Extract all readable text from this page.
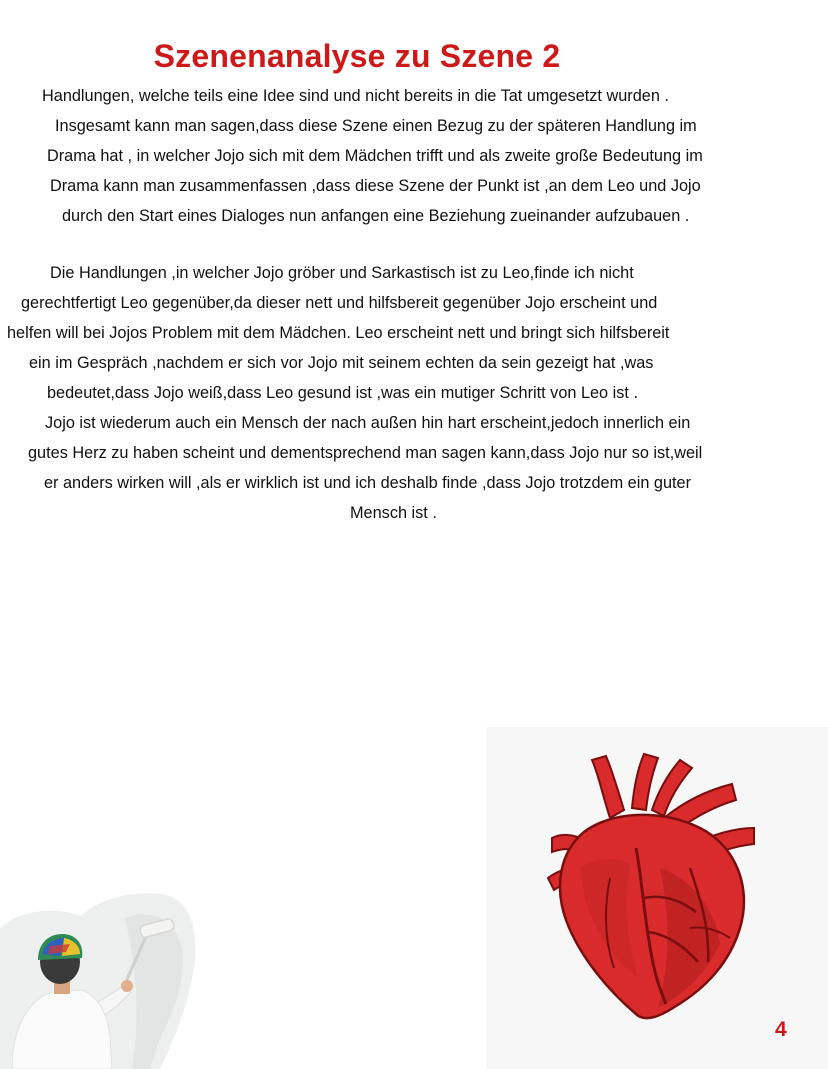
Szenenanalyse zu Szene 2
Handlungen, welche teils eine Idee sind und nicht bereits in die Tat umgesetzt wurden .
Insgesamt kann man sagen,dass diese Szene einen Bezug zu der späteren Handlung im
Drama hat , in welcher Jojo sich mit dem Mädchen trifft und als zweite große Bedeutung im
Drama kann man zusammenfassen ,dass diese Szene der Punkt ist ,an dem Leo und Jojo
durch den Start eines Dialoges nun anfangen eine Beziehung zueinander aufzubauen .
Die Handlungen ,in welcher Jojo gröber und Sarkastisch ist zu Leo,finde ich nicht
gerechtfertigt Leo gegenüber,da dieser nett und hilfsbereit gegenüber Jojo erscheint und
helfen will bei Jojos Problem mit dem Mädchen. Leo erscheint nett und bringt sich hilfsbereit
ein im Gespräch ,nachdem er sich vor Jojo mit seinem echten da sein gezeigt hat ,was
bedeutet,dass Jojo weiß,dass Leo gesund ist ,was ein mutiger Schritt von Leo ist .
Jojo ist wiederum auch ein Mensch der nach außen hin hart erscheint,jedoch innerlich ein
gutes Herz zu haben scheint und dementsprechend man sagen kann,dass Jojo nur so ist,weil
er anders wirken will ,als er wirklich ist und ich deshalb finde ,dass Jojo trotzdem ein guter
Mensch ist .
4
